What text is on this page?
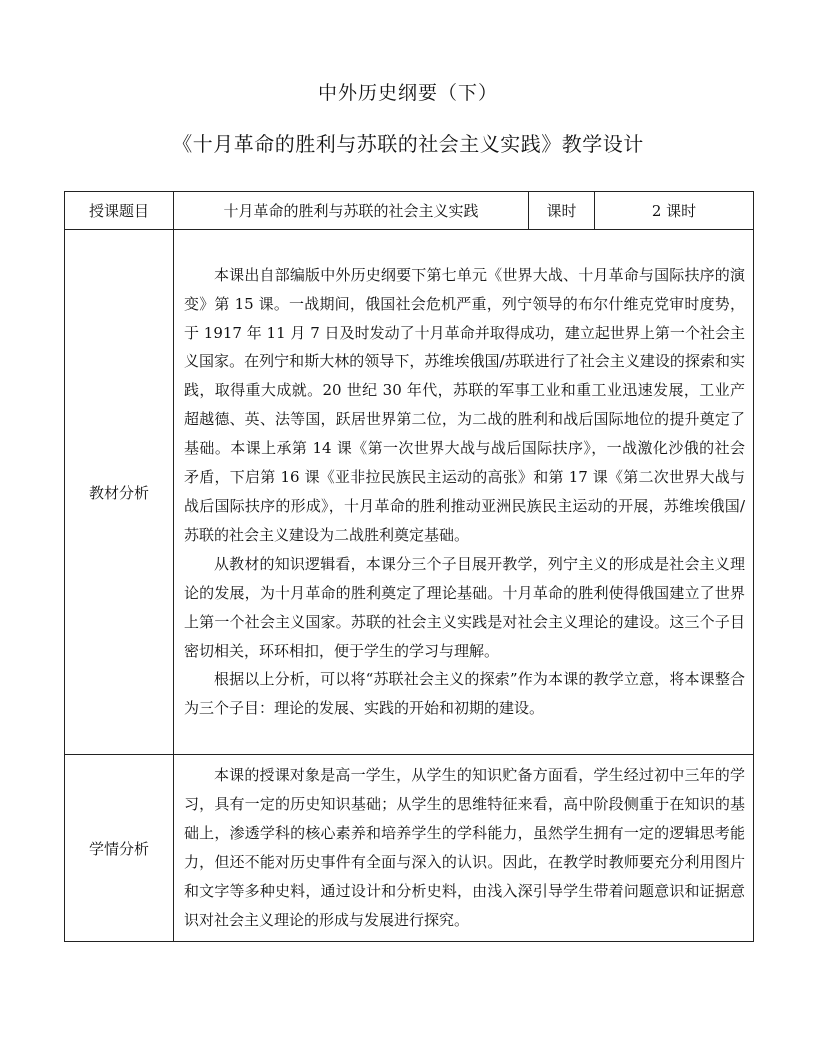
中外历史纲要（下）
《十月革命的胜利与苏联的社会主义实践》教学设计
授课题目	十月革命的胜利与苏联的社会主义实践	课时	2 课时
教材分析	本课出自部编版中外历史纲要下第七单元《世界大战、十月革命与国际扶序的演变》第 15 课。一战期间，俄国社会危机严重，列宁领导的布尔什维克党审时度势，于 1917 年 11 月 7 日及时发动了十月革命并取得成功，建立起世界上第一个社会主义国家。在列宁和斯大林的领导下，苏维埃俄国/苏联进行了社会主义建设的探索和实践，取得重大成就。20 世纪 30 年代，苏联的军事工业和重工业迅速发展，工业产超越德、英、法等国，跃居世界第二位，为二战的胜利和战后国际地位的提升奠定了基础。本课上承第 14 课《第一次世界大战与战后国际扶序》，一战激化沙俄的社会矛盾，下启第 16 课《亚非拉民族民主运动的高张》和第 17 课《第二次世界大战与战后国际扶序的形成》，十月革命的胜利推动亚洲民族民主运动的开展，苏维埃俄国/苏联的社会主义建设为二战胜利奠定基础。

从教材的知识逻辑看，本课分三个子目展开教学，列宁主义的形成是社会主义理论的发展，为十月革命的胜利奠定了理论基础。十月革命的胜利使得俄国建立了世界上第一个社会主义国家。苏联的社会主义实践是对社会主义理论的建设。这三个子目密切相关，环环相扣，便于学生的学习与理解。

根据以上分析，可以将“苏联社会主义的探索”作为本课的教学立意，将本课整合为三个子目：理论的发展、实践的开始和初期的建设。		

学情分析	本课的授课对象是高一学生，从学生的知识贮备方面看，学生经过初中三年的学习，具有一定的历史知识基础；从学生的思维特征来看，高中阶段侧重于在知识的基础上，渗透学科的核心素养和培养学生的学科能力，虽然学生拥有一定的逻辑思考能力，但还不能对历史事件有全面与深入的认识。因此，在教学时教师要充分利用图片和文字等多种史料，通过设计和分析史料，由浅入深引导学生带着问题意识和证据意识对社会主义理论的形成与发展进行探究。		
